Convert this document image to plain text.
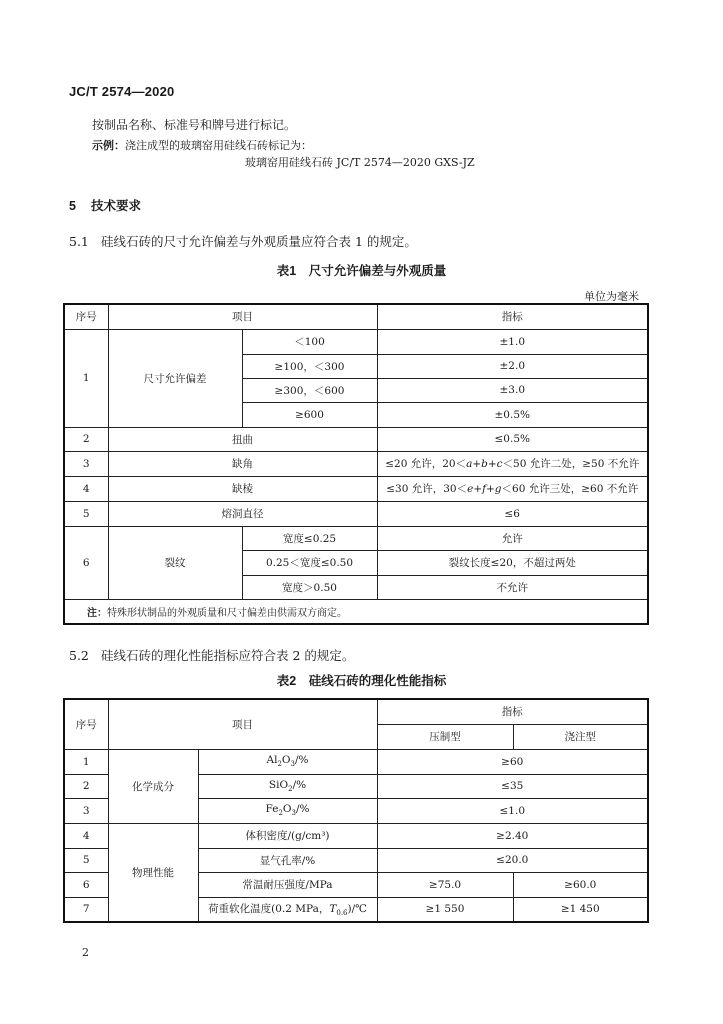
JC/T 2574—2020
按制品名称、标准号和牌号进行标记。
示例：浇注成型的玻璃窑用硅线石砖标记为：
玻璃窑用硅线石砖 JC/T 2574—2020 GXS-JZ
5 技术要求
5.1 硅线石砖的尺寸允许偏差与外观质量应符合表 1 的规定。
表1　尺寸允许偏差与外观质量
单位为毫米
序号	项目		指标
1	尺寸允许偏差	＜100	±1.0
		≥100，＜300	±2.0
		≥300，＜600	±3.0
		≥600	±0.5%
2	扭曲		≤0.5%
3	缺角		≤20 允许，20＜a+b+c＜50 允许二处，≥50 不允许
4	缺棱		≤30 允许，30＜e+f+g＜60 允许三处，≥60 不允许
5	熔洞直径		≤6
6	裂纹	宽度≤0.25	允许
		0.25＜宽度≤0.50	裂纹长度≤20，不超过两处
		宽度＞0.50	不允许
注：特殊形状制品的外观质量和尺寸偏差由供需双方商定。			
5.2 硅线石砖的理化性能指标应符合表 2 的规定。
表2　硅线石砖的理化性能指标
序号	项目		指标	
			压制型	浇注型
1	化学成分	$Al_2O_3/\%$	≥60	
2		SiO$_2$/%	≤35	
3		$Fe_2O_3/\%$	≤1.0	
4	物理性能	体积密度/(g/cm³)	≥2.40	
5		显气孔率/%	≤20.0	
6		常温耐压强度/MPa	≥75.0	≥60.0
7		荷重软化温度(0.2 MPa，$T_{0.6})/℃$	≥1 550	≥1 450
2
